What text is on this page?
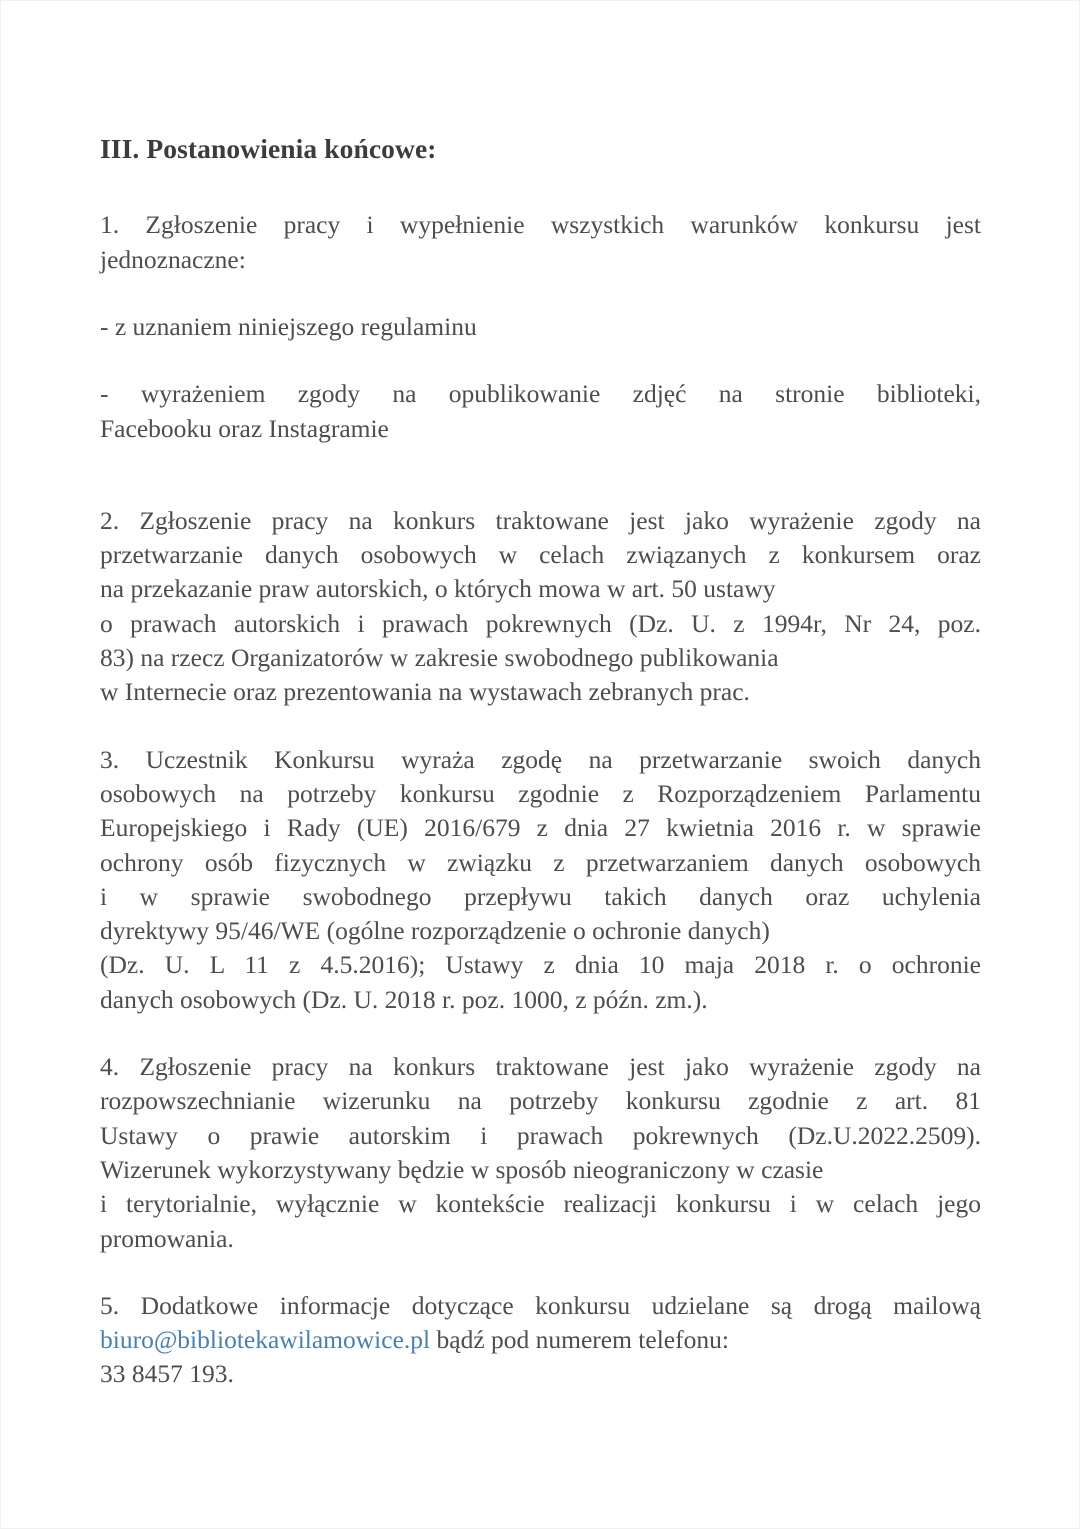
III. Postanowienia końcowe:

1. Zgłoszenie pracy i wypełnienie wszystkich warunków konkursu jest
jednoznaczne:

- z uznaniem niniejszego regulaminu

- wyrażeniem zgody na opublikowanie zdjęć na stronie biblioteki,
Facebooku oraz Instagramie

2. Zgłoszenie pracy na konkurs traktowane jest jako wyrażenie zgody na
przetwarzanie danych osobowych w celach związanych z konkursem oraz
na przekazanie praw autorskich, o których mowa w art. 50 ustawy
o prawach autorskich i prawach pokrewnych (Dz. U. z 1994r, Nr 24, poz.
83) na rzecz Organizatorów w zakresie swobodnego publikowania
w Internecie oraz prezentowania na wystawach zebranych prac.

3. Uczestnik Konkursu wyraża zgodę na przetwarzanie swoich danych
osobowych na potrzeby konkursu zgodnie z Rozporządzeniem Parlamentu
Europejskiego i Rady (UE) 2016/679 z dnia 27 kwietnia 2016 r. w sprawie
ochrony osób fizycznych w związku z przetwarzaniem danych osobowych
i w sprawie swobodnego przepływu takich danych oraz uchylenia
dyrektywy 95/46/WE (ogólne rozporządzenie o ochronie danych)
(Dz. U. L 11 z 4.5.2016); Ustawy z dnia 10 maja 2018 r. o ochronie
danych osobowych (Dz. U. 2018 r. poz. 1000, z późn. zm.).

4. Zgłoszenie pracy na konkurs traktowane jest jako wyrażenie zgody na
rozpowszechnianie wizerunku na potrzeby konkursu zgodnie z art. 81
Ustawy o prawie autorskim i prawach pokrewnych (Dz.U.2022.2509).
Wizerunek wykorzystywany będzie w sposób nieograniczony w czasie
i terytorialnie, wyłącznie w kontekście realizacji konkursu i w celach jego
promowania.

5. Dodatkowe informacje dotyczące konkursu udzielane są drogą mailową
biuro@bibliotekawilamowice.pl bądź pod numerem telefonu:
33 8457 193.
